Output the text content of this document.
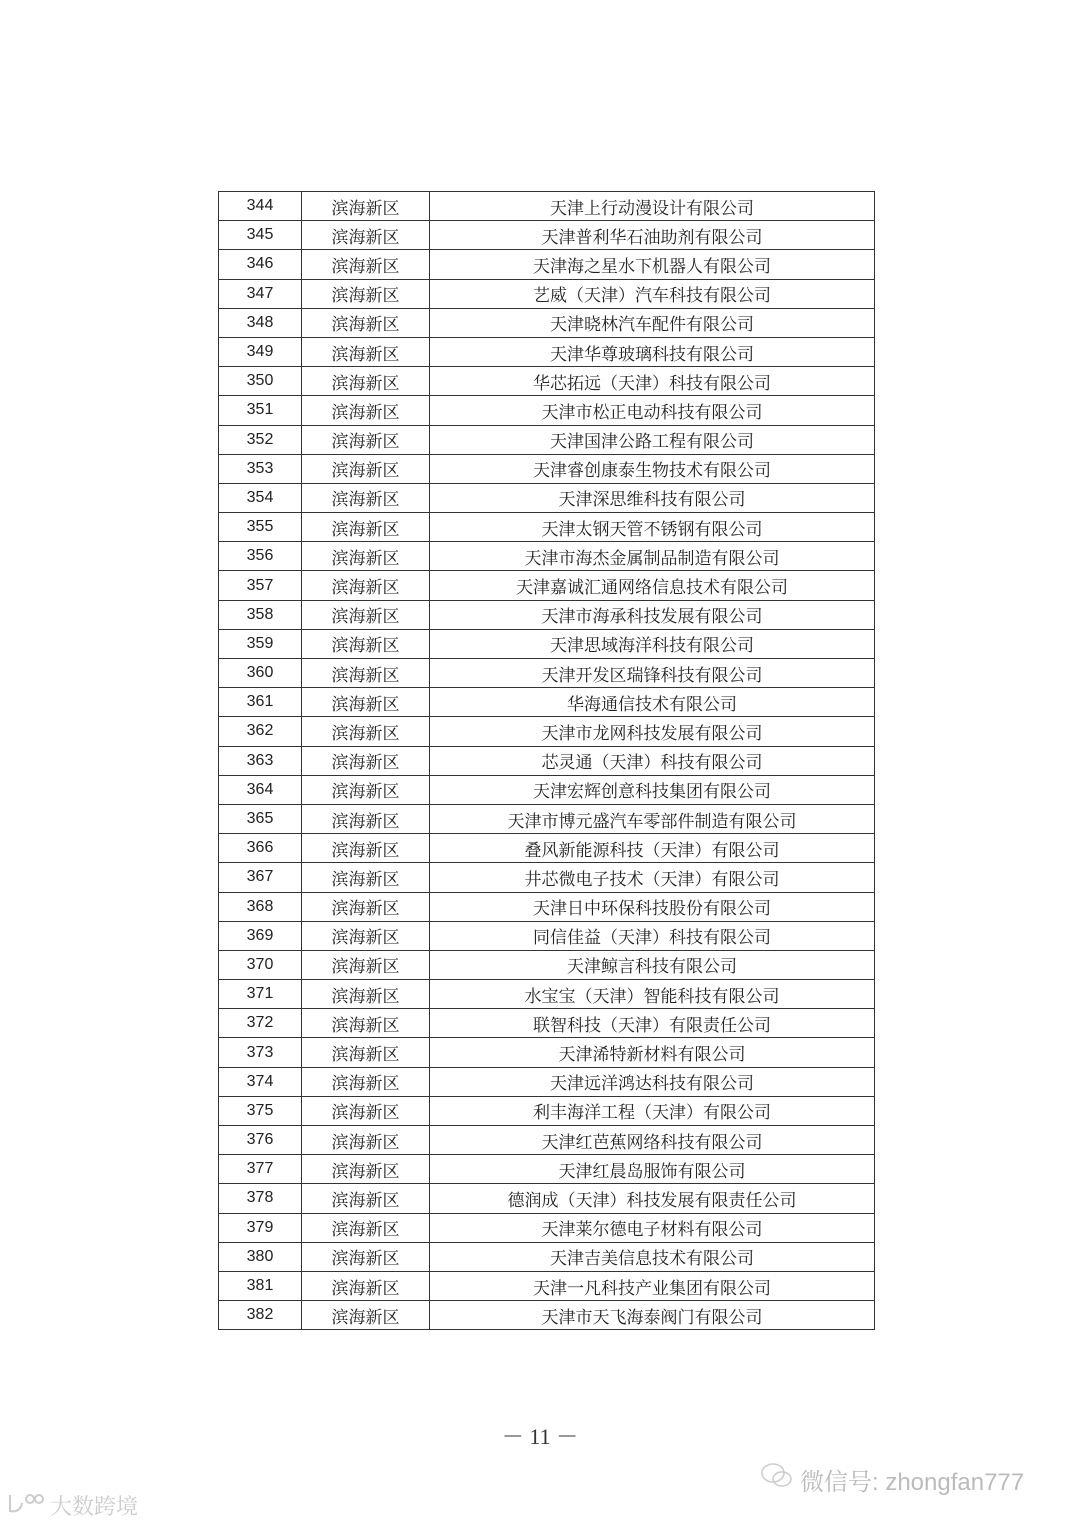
344	滨海新区	天津上行动漫设计有限公司
345	滨海新区	天津普利华石油助剂有限公司
346	滨海新区	天津海之星水下机器人有限公司
347	滨海新区	艺威（天津）汽车科技有限公司
348	滨海新区	天津晓林汽车配件有限公司
349	滨海新区	天津华尊玻璃科技有限公司
350	滨海新区	华芯拓远（天津）科技有限公司
351	滨海新区	天津市松正电动科技有限公司
352	滨海新区	天津国津公路工程有限公司
353	滨海新区	天津睿创康泰生物技术有限公司
354	滨海新区	天津深思维科技有限公司
355	滨海新区	天津太钢天管不锈钢有限公司
356	滨海新区	天津市海杰金属制品制造有限公司
357	滨海新区	天津嘉诚汇通网络信息技术有限公司
358	滨海新区	天津市海承科技发展有限公司
359	滨海新区	天津思域海洋科技有限公司
360	滨海新区	天津开发区瑞锋科技有限公司
361	滨海新区	华海通信技术有限公司
362	滨海新区	天津市龙网科技发展有限公司
363	滨海新区	芯灵通（天津）科技有限公司
364	滨海新区	天津宏辉创意科技集团有限公司
365	滨海新区	天津市博元盛汽车零部件制造有限公司
366	滨海新区	叠风新能源科技（天津）有限公司
367	滨海新区	井芯微电子技术（天津）有限公司
368	滨海新区	天津日中环保科技股份有限公司
369	滨海新区	同信佳益（天津）科技有限公司
370	滨海新区	天津鲸言科技有限公司
371	滨海新区	水宝宝（天津）智能科技有限公司
372	滨海新区	联智科技（天津）有限责任公司
373	滨海新区	天津浠特新材料有限公司
374	滨海新区	天津远洋鸿达科技有限公司
375	滨海新区	利丰海洋工程（天津）有限公司
376	滨海新区	天津红芭蕉网络科技有限公司
377	滨海新区	天津红晨岛服饰有限公司
378	滨海新区	德润成（天津）科技发展有限责任公司
379	滨海新区	天津莱尔德电子材料有限公司
380	滨海新区	天津吉美信息技术有限公司
381	滨海新区	天津一凡科技产业集团有限公司
382	滨海新区	天津市天飞海泰阀门有限公司
－ 11 －
微信号: zhongfan777
大数跨境
